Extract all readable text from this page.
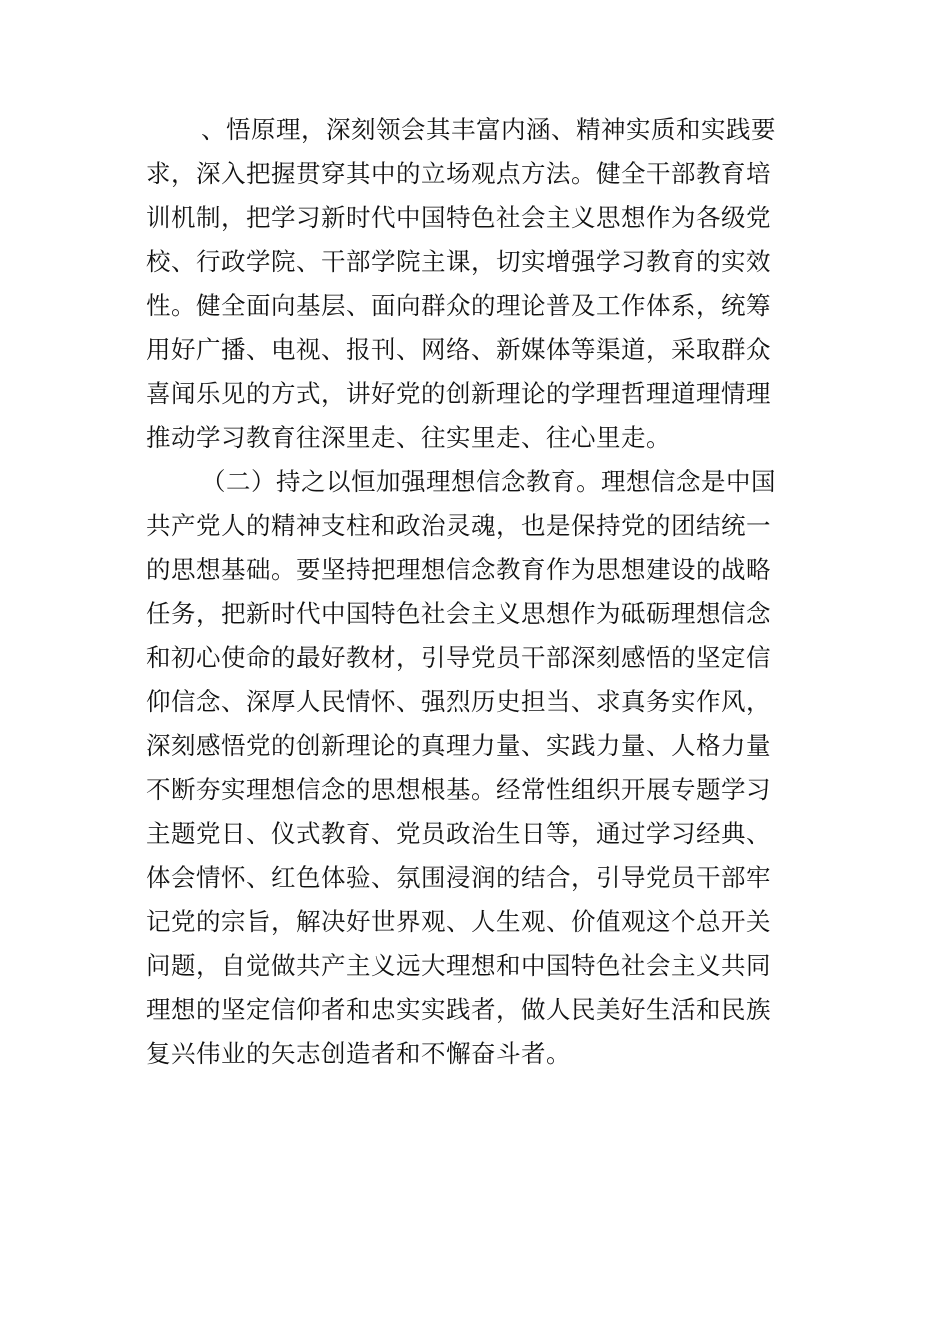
、悟原理，深刻领会其丰富内涵、精神实质和实践要
求，深入把握贯穿其中的立场观点方法。健全干部教育培
训机制，把学习新时代中国特色社会主义思想作为各级党
校、行政学院、干部学院主课，切实增强学习教育的实效
性。健全面向基层、面向群众的理论普及工作体系，统筹
用好广播、电视、报刊、网络、新媒体等渠道，采取群众
喜闻乐见的方式，讲好党的创新理论的学理哲理道理情理
推动学习教育往深里走、往实里走、往心里走。
（二）持之以恒加强理想信念教育。理想信念是中国
共产党人的精神支柱和政治灵魂，也是保持党的团结统一
的思想基础。要坚持把理想信念教育作为思想建设的战略
任务，把新时代中国特色社会主义思想作为砥砺理想信念
和初心使命的最好教材，引导党员干部深刻感悟的坚定信
仰信念、深厚人民情怀、强烈历史担当、求真务实作风，
深刻感悟党的创新理论的真理力量、实践力量、人格力量
不断夯实理想信念的思想根基。经常性组织开展专题学习
主题党日、仪式教育、党员政治生日等，通过学习经典、
体会情怀、红色体验、氛围浸润的结合，引导党员干部牢
记党的宗旨，解决好世界观、人生观、价值观这个总开关
问题，自觉做共产主义远大理想和中国特色社会主义共同
理想的坚定信仰者和忠实实践者，做人民美好生活和民族
复兴伟业的矢志创造者和不懈奋斗者。
